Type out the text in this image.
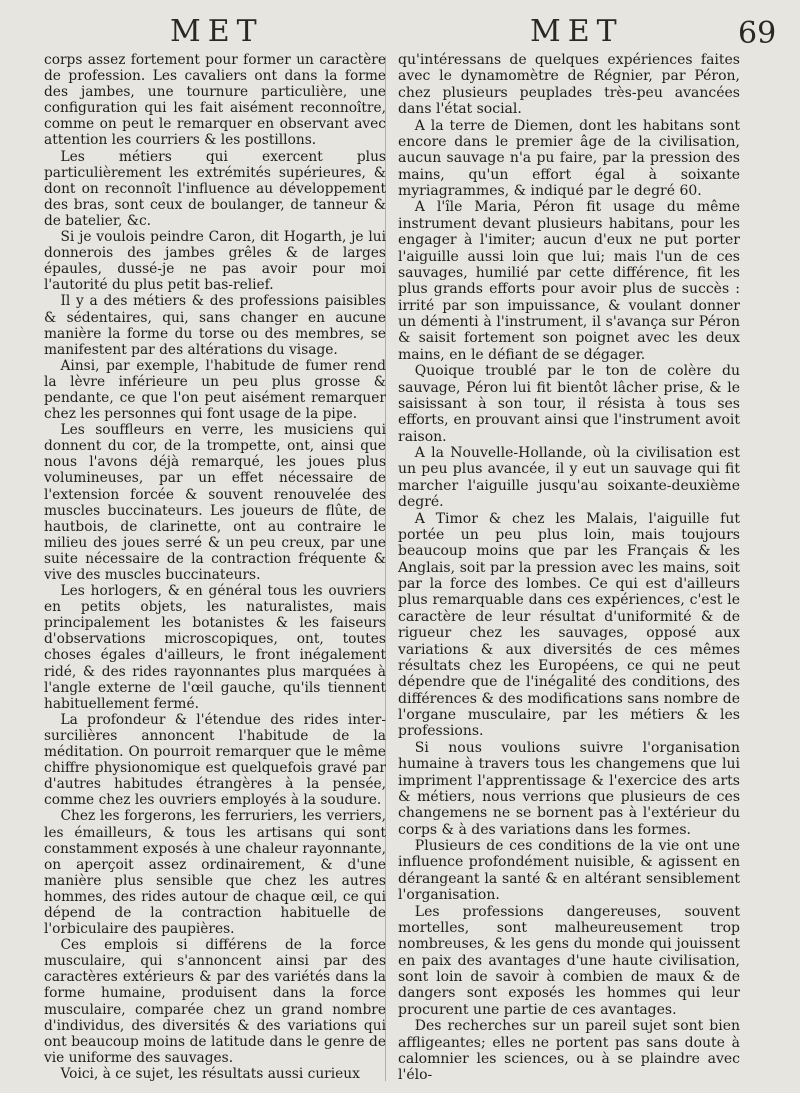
MET	MET	69

corps assez fortement pour former un caractère de profession. Les cavaliers ont dans la forme des jambes, une tournure particulière, une configuration qui les fait aisément reconnoître, comme on peut le remarquer en observant avec attention les courriers & les postillons.

Les métiers qui exercent plus particulièrement les extrémités supérieures, & dont on reconnoît l'influence au développement des bras, sont ceux de boulanger, de tanneur & de batelier, &c.

Si je voulois peindre Caron, dit Hogarth, je lui donnerois des jambes grêles & de larges épaules, dussé-je ne pas avoir pour moi l'autorité du plus petit bas-relief.

Il y a des métiers & des professions paisibles & sédentaires, qui, sans changer en aucune manière la forme du torse ou des membres, se manifestent par des altérations du visage.

Ainsi, par exemple, l'habitude de fumer rend la lèvre inférieure un peu plus grosse & pendante, ce que l'on peut aisément remarquer chez les personnes qui font usage de la pipe.

Les souffleurs en verre, les musiciens qui donnent du cor, de la trompette, ont, ainsi que nous l'avons déjà remarqué, les joues plus volumineuses, par un effet nécessaire de l'extension forcée & souvent renouvelée des muscles buccinateurs. Les joueurs de flûte, de hautbois, de clarinette, ont au contraire le milieu des joues serré & un peu creux, par une suite nécessaire de la contraction fréquente & vive des muscles buccinateurs.

Les horlogers, & en général tous les ouvriers en petits objets, les naturalistes, mais principalement les botanistes & les faiseurs d'observations microscopiques, ont, toutes choses égales d'ailleurs, le front inégalement ridé, & des rides rayonnantes plus marquées à l'angle externe de l'œil gauche, qu'ils tiennent habituellement fermé.

La profondeur & l'étendue des rides inter-surcilières annoncent l'habitude de la méditation. On pourroit remarquer que le même chiffre physionomique est quelquefois gravé par d'autres habitudes étrangères à la pensée, comme chez les ouvriers employés à la soudure.

Chez les forgerons, les ferruriers, les verriers, les émailleurs, & tous les artisans qui sont constamment exposés à une chaleur rayonnante, on aperçoit assez ordinairement, & d'une manière plus sensible que chez les autres hommes, des rides autour de chaque œil, ce qui dépend de la contraction habituelle de l'orbiculaire des paupières.

Ces emplois si différens de la force musculaire, qui s'annoncent ainsi par des caractères extérieurs & par des variétés dans la forme humaine, produisent dans la force musculaire, comparée chez un grand nombre d'individus, des diversités & des variations qui ont beaucoup moins de latitude dans le genre de vie uniforme des sauvages.

Voici, à ce sujet, les résultats aussi curieux

qu'intéressans de quelques expériences faites avec le dynamomètre de Régnier, par Péron, chez plusieurs peuplades très-peu avancées dans l'état social.

A la terre de Diemen, dont les habitans sont encore dans le premier âge de la civilisation, aucun sauvage n'a pu faire, par la pression des mains, qu'un effort égal à soixante myriagrammes, & indiqué par le degré 60.

A l'île Maria, Péron fit usage du même instrument devant plusieurs habitans, pour les engager à l'imiter; aucun d'eux ne put porter l'aiguille aussi loin que lui; mais l'un de ces sauvages, humilié par cette différence, fit les plus grands efforts pour avoir plus de succès : irrité par son impuissance, & voulant donner un démenti à l'instrument, il s'avança sur Péron & saisit fortement son poignet avec les deux mains, en le défiant de se dégager.

Quoique troublé par le ton de colère du sauvage, Péron lui fit bientôt lâcher prise, & le saisissant à son tour, il résista à tous ses efforts, en prouvant ainsi que l'instrument avoit raison.

A la Nouvelle-Hollande, où la civilisation est un peu plus avancée, il y eut un sauvage qui fit marcher l'aiguille jusqu'au soixante-deuxième degré.

A Timor & chez les Malais, l'aiguille fut portée un peu plus loin, mais toujours beaucoup moins que par les Français & les Anglais, soit par la pression avec les mains, soit par la force des lombes. Ce qui est d'ailleurs plus remarquable dans ces expériences, c'est le caractère de leur résultat d'uniformité & de rigueur chez les sauvages, opposé aux variations & aux diversités de ces mêmes résultats chez les Européens, ce qui ne peut dépendre que de l'inégalité des conditions, des différences & des modifications sans nombre de l'organe musculaire, par les métiers & les professions.

Si nous voulions suivre l'organisation humaine à travers tous les changemens que lui impriment l'apprentissage & l'exercice des arts & métiers, nous verrions que plusieurs de ces changemens ne se bornent pas à l'extérieur du corps & à des variations dans les formes.

Plusieurs de ces conditions de la vie ont une influence profondément nuisible, & agissent en dérangeant la santé & en altérant sensiblement l'organisation.

Les professions dangereuses, souvent mortelles, sont malheureusement trop nombreuses, & les gens du monde qui jouissent en paix des avantages d'une haute civilisation, sont loin de savoir à combien de maux & de dangers sont exposés les hommes qui leur procurent une partie de ces avantages.

Des recherches sur un pareil sujet sont bien affligeantes; elles ne portent pas sans doute à calomnier les sciences, ou à se plaindre avec l'élo-
